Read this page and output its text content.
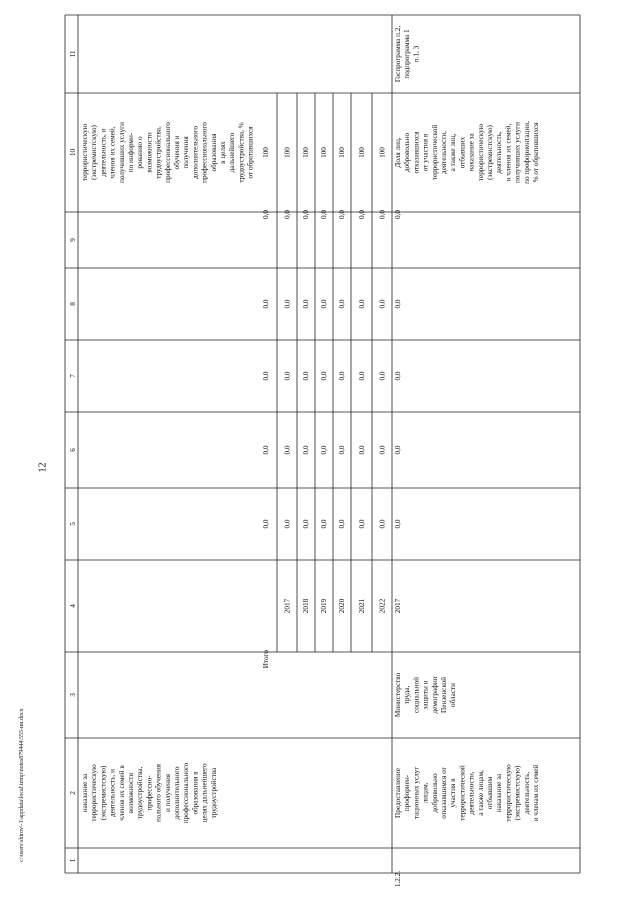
12
c:\users\shirov\-1\appdata\local\temp\notes879444\555-ии.docx	1
2
3
4
5
6
7
8
9
10
11
наказание за террористическую (экстремистскую) деятельность, и членов их семей в возможности трудоустройства, профессио- нального обучения и получения дополнительного профессионального образования в целях дальнейшего трудоустройства
террористическую (экстремистскую) деятельность, и членов их семей, получивших услуги по информи- рованию о возможности трудоустройства, профессионального обучения и получения дополнительного профессионального образования в целях дальнейшего трудоустройства, % от обратившихся
2017
0,0
0,0
0,0
0,0
0,0
100
2018
0,0
0,0
0,0
0,0
0,0
100
2019
0,0
0,0
0,0
0,0
0,0
100
2020
0,0
0,0
0,0
0,0
0,0
100
2021
0,0
0,0
0,0
0,0
0,0
100
2022
0,0
0,0
0,0
0,0
0,0
100
Итого
0,0
0,0
0,0
0,0
0,0
100
1.2.2.
Предоставление профориен- тационных услуг лицам, добровольно отказавшимся от участия в террористической деятельности, а также лицам, отбывшим наказание за террористическую (экстремистскую) деятельность, и членам их семей
Министерство труда, социальной защиты и демографии Пензенской области
2017
0,0
0,0
0,0
0,0
0,0
Доля лиц, добровольно отказавшихся от участия в террористической деятельности, а также лиц, отбывших наказание за террористическую (экстремистскую) деятельность, и членов их семей, получивших услуги по профориентации, % от обратившихся
Госпрограмма п.2, подпрограмма 1 п.1, 3
